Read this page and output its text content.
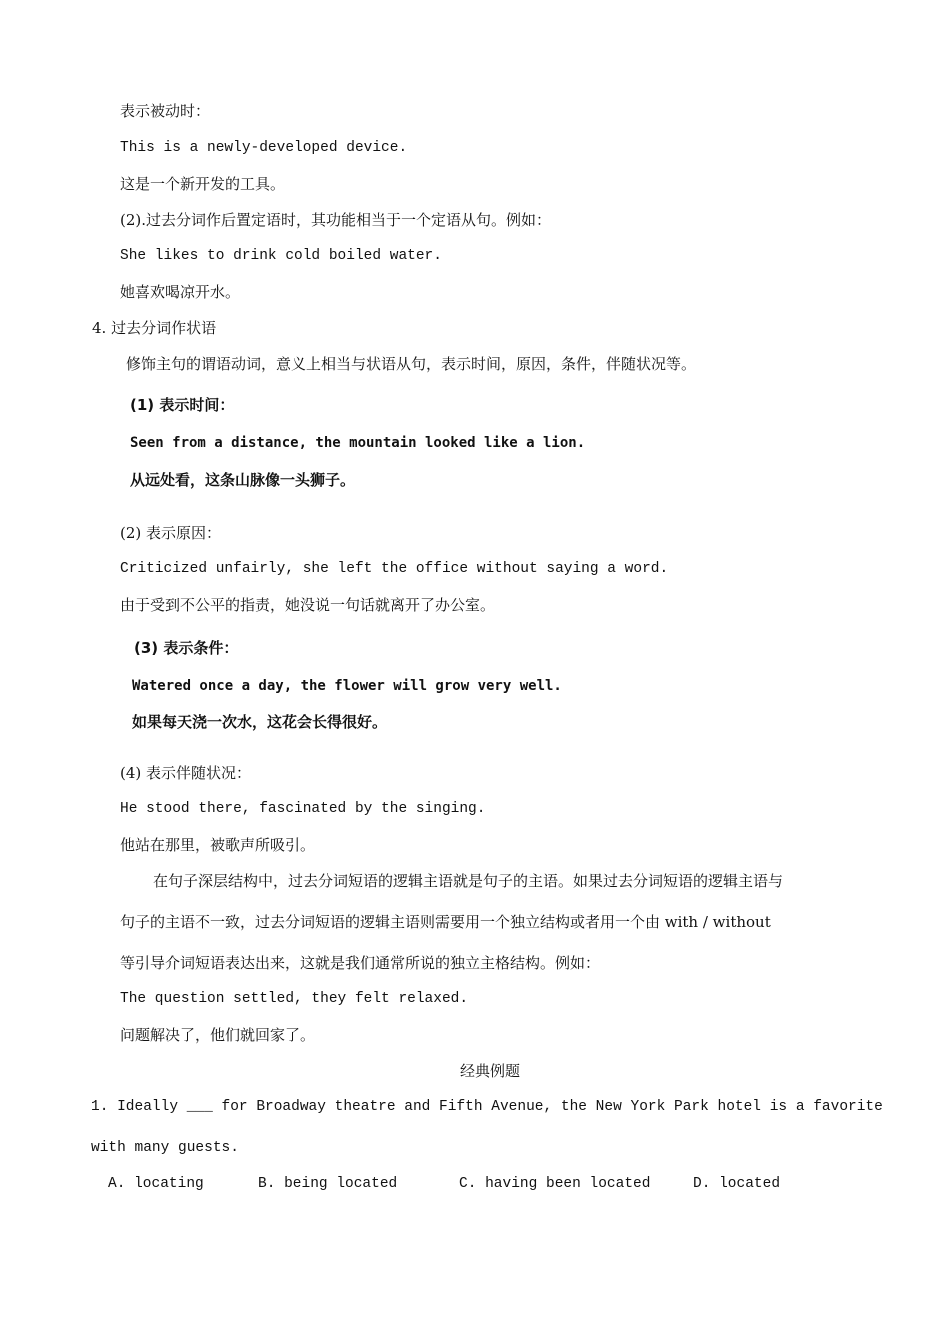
表示被动时：
This is a newly-developed device.
这是一个新开发的工具。
(2).过去分词作后置定语时，其功能相当于一个定语从句。例如：
She likes to drink cold boiled water.
她喜欢喝凉开水。
4. 过去分词作状语
修饰主句的谓语动词，意义上相当与状语从句，表示时间，原因，条件，伴随状况等。
(1) 表示时间：
Seen from a distance, the mountain looked like a lion.
从远处看，这条山脉像一头狮子。
(2) 表示原因：
Criticized unfairly, she left the office without saying a word.
由于受到不公平的指责，她没说一句话就离开了办公室。
(3) 表示条件：
Watered once a day, the flower will grow very well.
如果每天浇一次水，这花会长得很好。
(4) 表示伴随状况：
He stood there, fascinated by the singing.
他站在那里，被歌声所吸引。
在句子深层结构中，过去分词短语的逻辑主语就是句子的主语。如果过去分词短语的逻辑主语与
句子的主语不一致，过去分词短语的逻辑主语则需要用一个独立结构或者用一个由 with / without
等引导介词短语表达出来，这就是我们通常所说的独立主格结构。例如：
The question settled, they felt relaxed.
问题解决了，他们就回家了。
经典例题
1. Ideally ___ for Broadway theatre and Fifth Avenue, the New York Park hotel is a favorite
with many guests.
A. locating	B. being located	C. having been located	D. located
